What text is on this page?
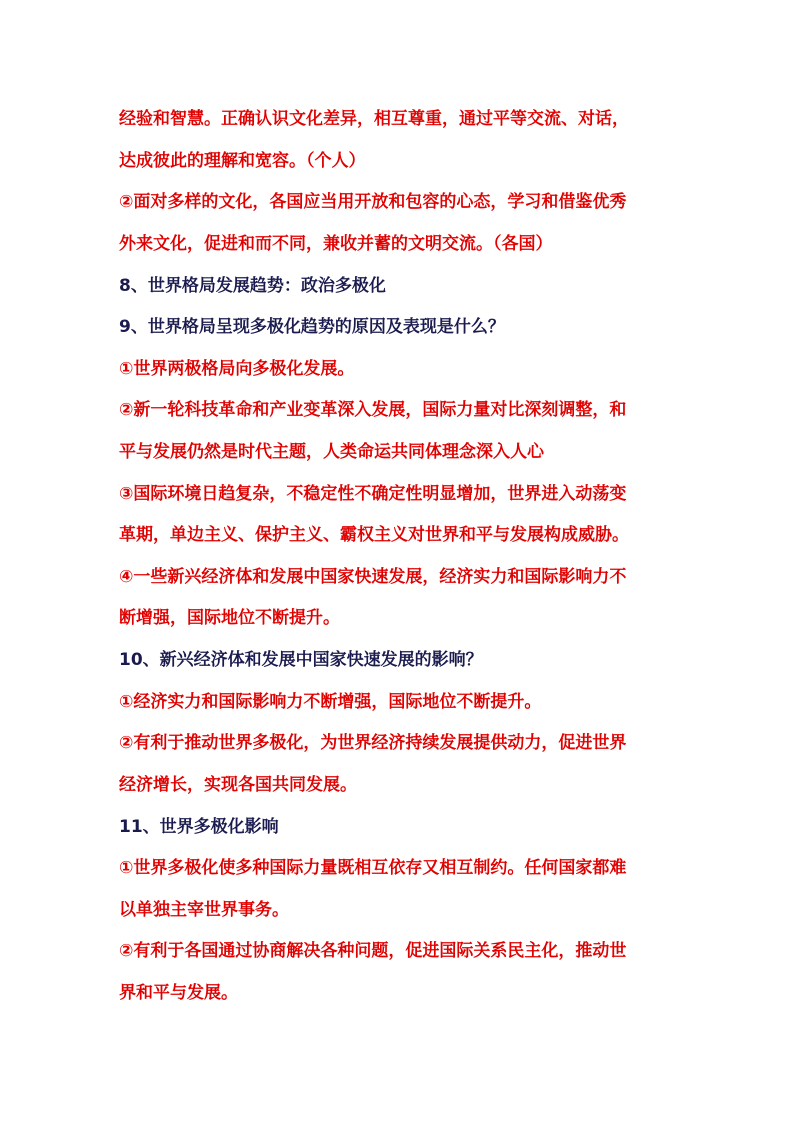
经验和智慧。正确认识文化差异，相互尊重，通过平等交流、对话，
达成彼此的理解和宽容。（个人）
②面对多样的文化，各国应当用开放和包容的心态，学习和借鉴优秀
外来文化，促进和而不同，兼收并蓄的文明交流。（各国）
8、世界格局发展趋势：政治多极化
9、世界格局呈现多极化趋势的原因及表现是什么？
①世界两极格局向多极化发展。
②新一轮科技革命和产业变革深入发展，国际力量对比深刻调整，和
平与发展仍然是时代主题，人类命运共同体理念深入人心
③国际环境日趋复杂，不稳定性不确定性明显增加，世界进入动荡变
革期，单边主义、保护主义、霸权主义对世界和平与发展构成威胁。
④一些新兴经济体和发展中国家快速发展，经济实力和国际影响力不
断增强，国际地位不断提升。
10、新兴经济体和发展中国家快速发展的影响？
①经济实力和国际影响力不断增强，国际地位不断提升。
②有利于推动世界多极化，为世界经济持续发展提供动力，促进世界
经济增长，实现各国共同发展。
11、世界多极化影响
①世界多极化使多种国际力量既相互依存又相互制约。任何国家都难
以单独主宰世界事务。
②有利于各国通过协商解决各种问题，促进国际关系民主化，推动世
界和平与发展。
